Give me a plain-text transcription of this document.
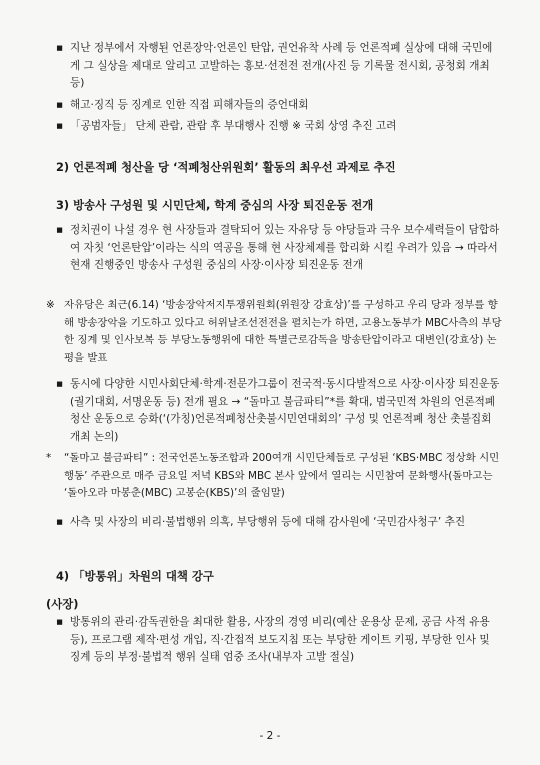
▪ 지난 정부에서 자행된 언론장악·언론인 탄압, 권언유착 사례 등 언론적폐 실상에 대해 국민에게 그 실상을 제대로 알리고 고발하는 홍보·선전전 전개(사진 등 기록물 전시회, 공청회 개최 등)
▪ 해고·징직 등 징계로 인한 직접 피해자들의 증언대회
▪ 「공범자들」 단체 관람, 관람 후 부대행사 진행 ※ 국회 상영 추진 고려
2) 언론적폐 청산을 당 ‘적폐청산위원회’ 활동의 최우선 과제로 추진
3) 방송사 구성원 및 시민단체, 학계 중심의 사장 퇴진운동 전개
▪ 정치권이 나설 경우 현 사장들과 결탁되어 있는 자유당 등 야당들과 극우 보수세력들이 담합하여 자칫 ‘언론탄압’이라는 식의 역공을 통해 현 사장체제를 합리화 시킬 우려가 있음 → 따라서 현재 진행중인 방송사 구성원 중심의 사장·이사장 퇴진운동 전개
※ 자유당은 최근(6.14) ‘방송장악저지투쟁위원회(위원장 강효상)’를 구성하고 우리 당과 정부를 향해 방송장악을 기도하고 있다고 허위날조선전전을 펼치는가 하면, 고용노동부가 MBC사측의 부당한 징계 및 인사보복 등 부당노동행위에 대한 특별근로감독을 방송탄압이라고 대변인(강효상) 논평을 발표
▪ 동시에 다양한 시민사회단체·학계·전문가그룹이 전국적·동시다발적으로 사장·이사장 퇴진운동(궐기대회, 서명운동 등) 전개 필요 → “돌마고 불금파티”*를 확대, 범국민적 차원의 언론적폐 청산 운동으로 승화(‘(가칭)언론적폐청산촛불시민연대회의’ 구성 및 언론적폐 청산 촛불집회 개최 논의)
*	“돌마고 불금파티” : 전국언론노동조합과 200여개 시민단체들로 구성된 ‘KBS·MBC 정상화 시민행동’ 주관으로 매주 금요일 저녁 KBS와 MBC 본사 앞에서 열리는 시민참여 문화행사(돌마고는 ‘돌아오라 마봉춘(MBC) 고봉순(KBS)’의 줄임말)
▪ 사측 및 사장의 비리·불법행위 의혹, 부당행위 등에 대해 감사원에 ‘국민감사청구’ 추진
4) 「방통위」차원의 대책 강구
(사장)
▪ 방통위의 관리·감독권한을 최대한 활용, 사장의 경영 비리(예산 운용상 문제, 공금 사적 유용 등), 프로그램 제작·편성 개입, 직·간접적 보도지침 또는 부당한 게이트 키핑, 부당한 인사 및 징계 등의 부정·불법적 행위 실태 엄중 조사(내부자 고발 절실)
- 2 -
